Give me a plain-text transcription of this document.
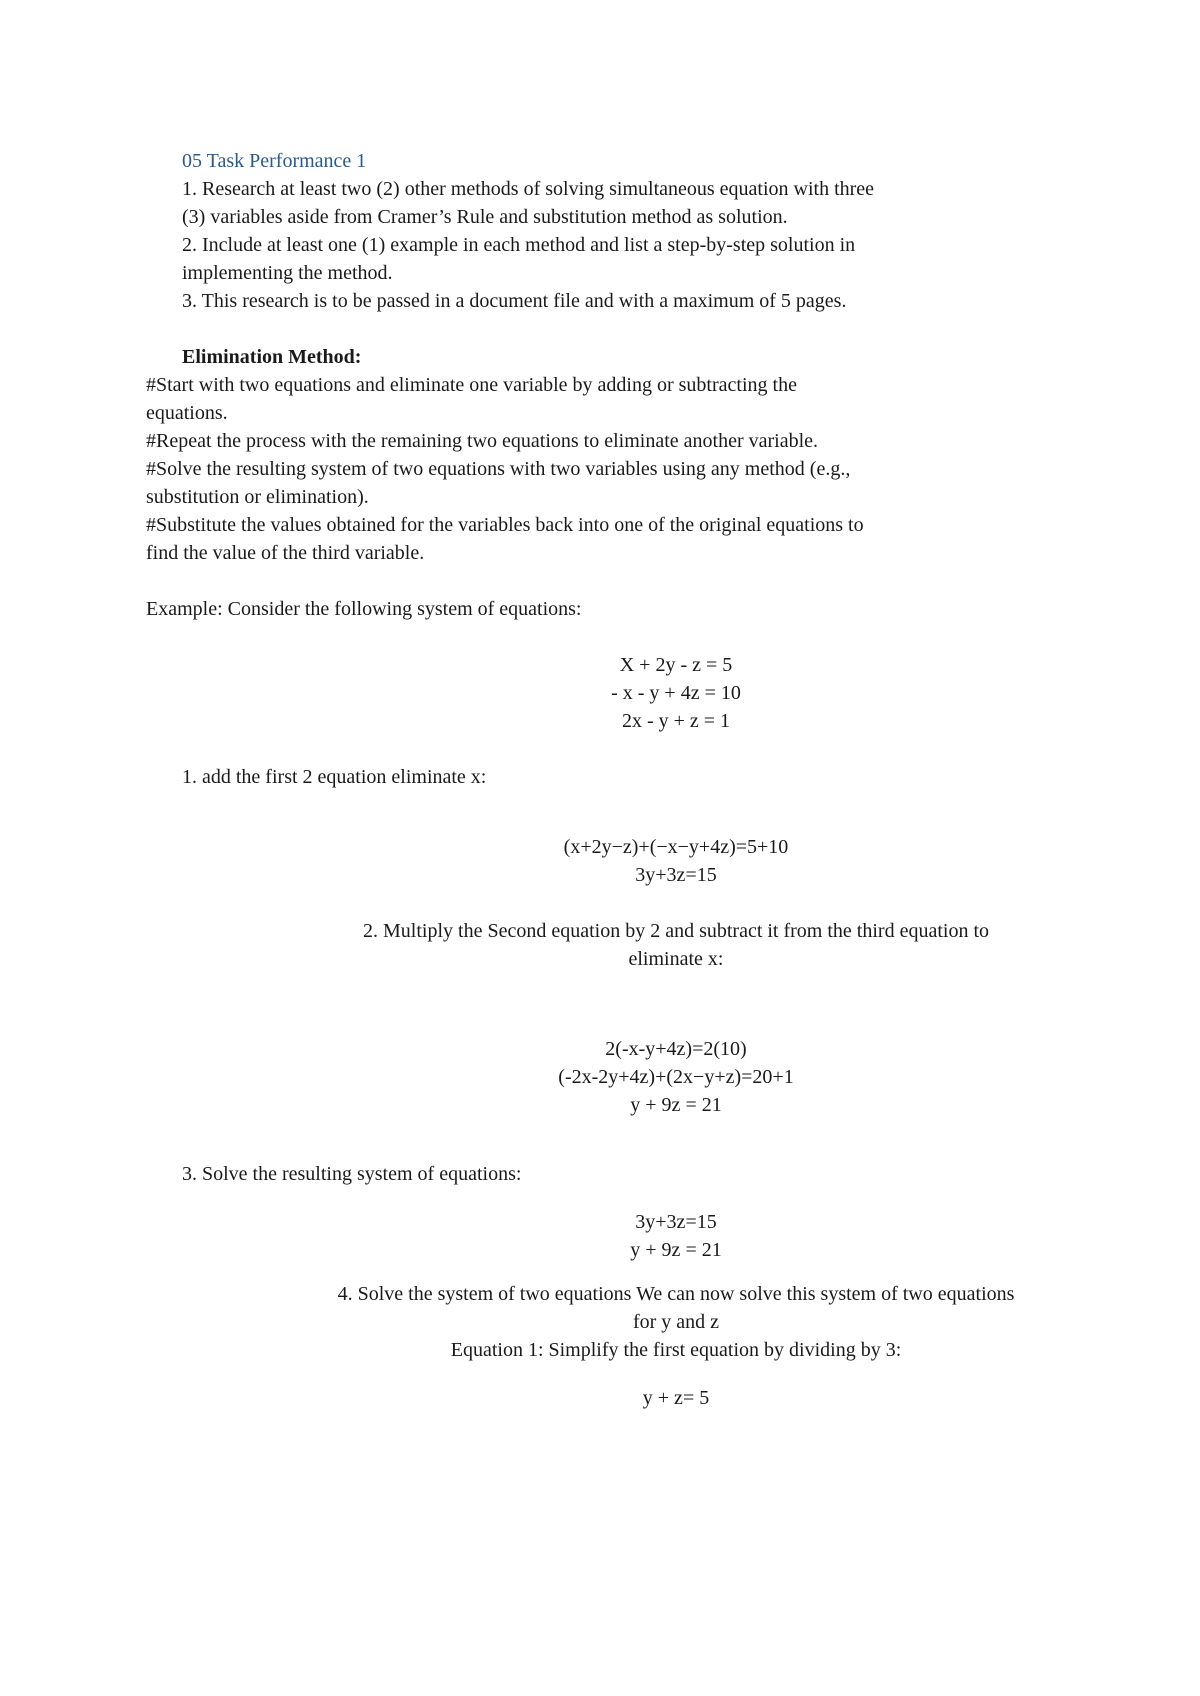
05 Task Performance 1
1. Research at least two (2) other methods of solving simultaneous equation with three
(3) variables aside from Cramer’s Rule and substitution method as solution.
2. Include at least one (1) example in each method and list a step-by-step solution in
implementing the method.
3. This research is to be passed in a document file and with a maximum of 5 pages.
Elimination Method:
#Start with two equations and eliminate one variable by adding or subtracting the
equations.
#Repeat the process with the remaining two equations to eliminate another variable.
#Solve the resulting system of two equations with two variables using any method (e.g.,
substitution or elimination).
#Substitute the values obtained for the variables back into one of the original equations to
find the value of the third variable.
Example: Consider the following system of equations:
X + 2y - z = 5
- x - y + 4z = 10
2x - y + z = 1
1. add the first 2 equation eliminate x:
(x+2y−z)+(−x−y+4z)=5+10
3y+3z=15
2. Multiply the Second equation by 2 and subtract it from the third equation to
eliminate x:
2(-x-y+4z)=2(10)
(-2x-2y+4z)+(2x−y+z)=20+1
y + 9z = 21
3. Solve the resulting system of equations:
3y+3z=15
y + 9z = 21
4. Solve the system of two equations We can now solve this system of two equations
for y and z
Equation 1: Simplify the first equation by dividing by 3:
y + z= 5
